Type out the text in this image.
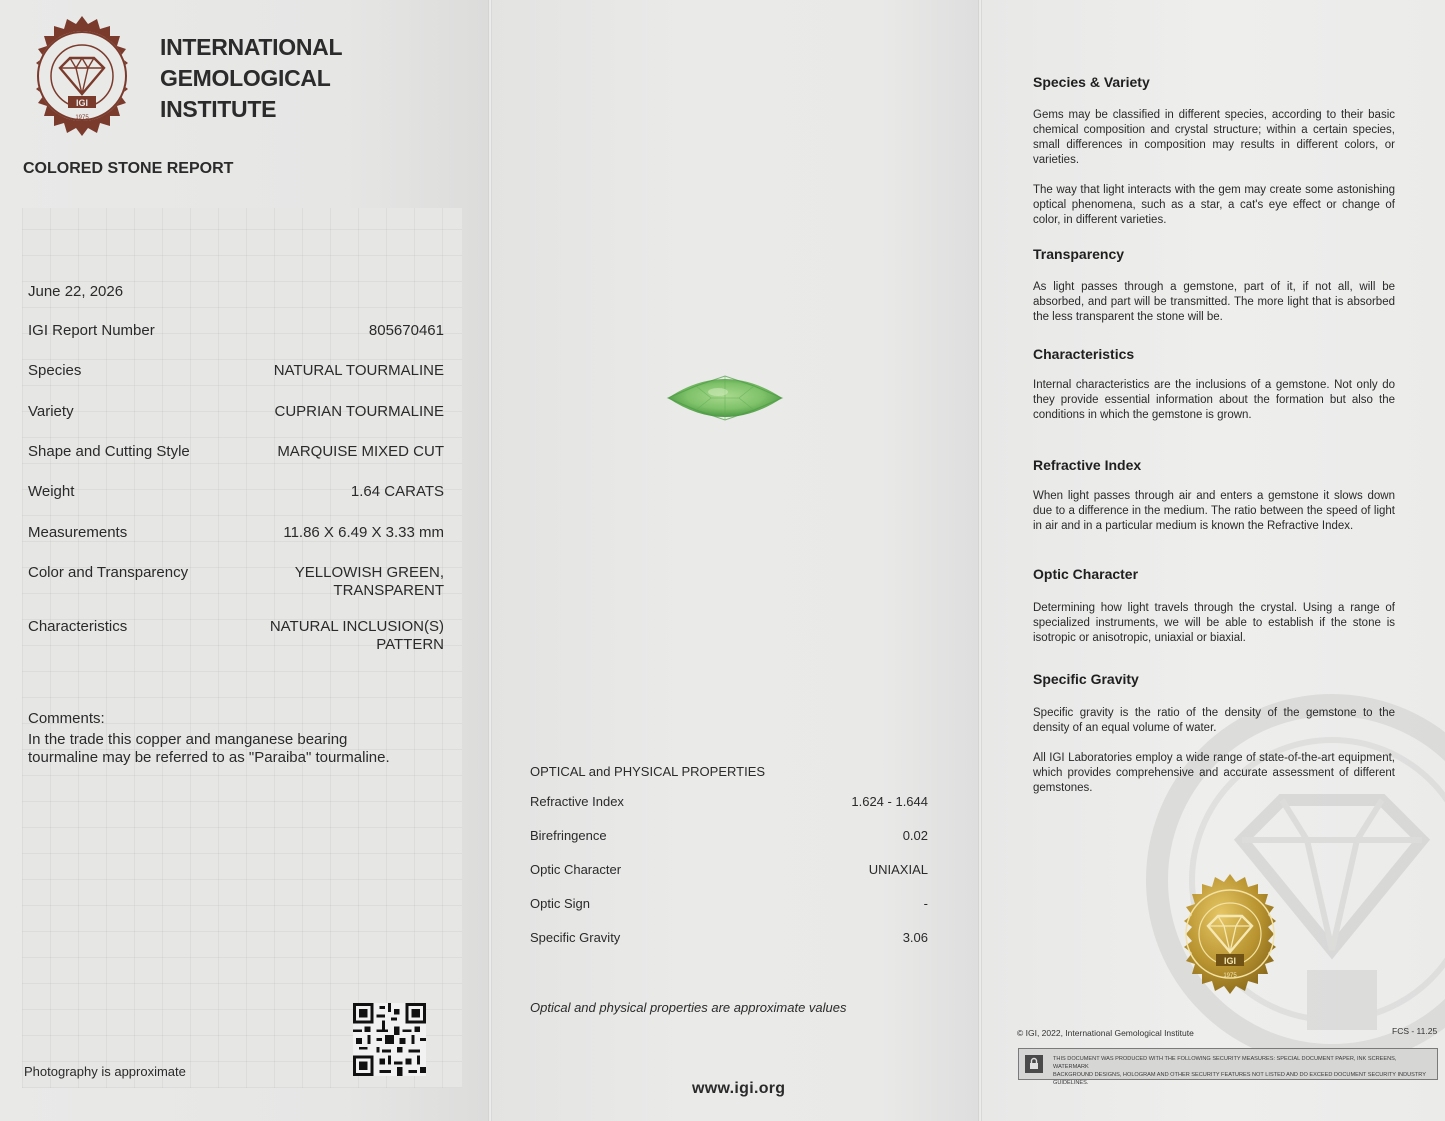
IGI
1975
INTERNATIONAL
GEMOLOGICAL
INSTITUTE
COLORED STONE REPORT
June 22, 2026
IGI Report Number	805670461
Species	NATURAL TOURMALINE
Variety	CUPRIAN TOURMALINE
Shape and Cutting Style	MARQUISE MIXED CUT
Weight	1.64 CARATS
Measurements	11.86 X 6.49 X 3.33 mm
Color and Transparency	YELLOWISH GREEN,
TRANSPARENT
Characteristics	NATURAL INCLUSION(S)
PATTERN
Comments:
In the trade this copper and manganese bearing
tourmaline may be referred to as "Paraiba" tourmaline.
Photography is approximate
OPTICAL and PHYSICAL PROPERTIES
Refractive Index	1.624 - 1.644
Birefringence	0.02
Optic Character	UNIAXIAL
Optic Sign	-
Specific Gravity	3.06
Optical and physical properties are approximate values
www.igi.org
Species & Variety
Gems may be classified in different species, according to their basic chemical composition and crystal structure; within a certain species, small differences in composition may results in different colors, or varieties.
The way that light interacts with the gem may create some astonishing optical phenomena, such as a star, a cat's eye effect or change of color, in different varieties.
Transparency
As light passes through a gemstone, part of it, if not all, will be absorbed, and part will be transmitted. The more light that is absorbed the less transparent the stone will be.
Characteristics
Internal characteristics are the inclusions of a gemstone. Not only do they provide essential information about the formation but also the conditions in which the gemstone is grown.
Refractive Index
When light passes through air and enters a gemstone it slows down due to a difference in the medium. The ratio between the speed of light in air and in a particular medium is known the Refractive Index.
Optic Character
Determining how light travels through the crystal. Using a range of specialized instruments, we will be able to establish if the stone is isotropic or anisotropic, uniaxial or biaxial.
Specific Gravity
Specific gravity is the ratio of the density of the gemstone to the density of an equal volume of water.
All IGI Laboratories employ a wide range of state-of-the-art equipment, which provides comprehensive and accurate assessment of different gemstones.
IGI
1975
© IGI, 2022, International Gemological Institute	FCS - 11.25
THIS DOCUMENT WAS PRODUCED WITH THE FOLLOWING SECURITY MEASURES: SPECIAL DOCUMENT PAPER, INK SCREENS, WATERMARK
BACKGROUND DESIGNS, HOLOGRAM AND OTHER SECURITY FEATURES NOT LISTED AND DO EXCEED DOCUMENT SECURITY INDUSTRY GUIDELINES.
